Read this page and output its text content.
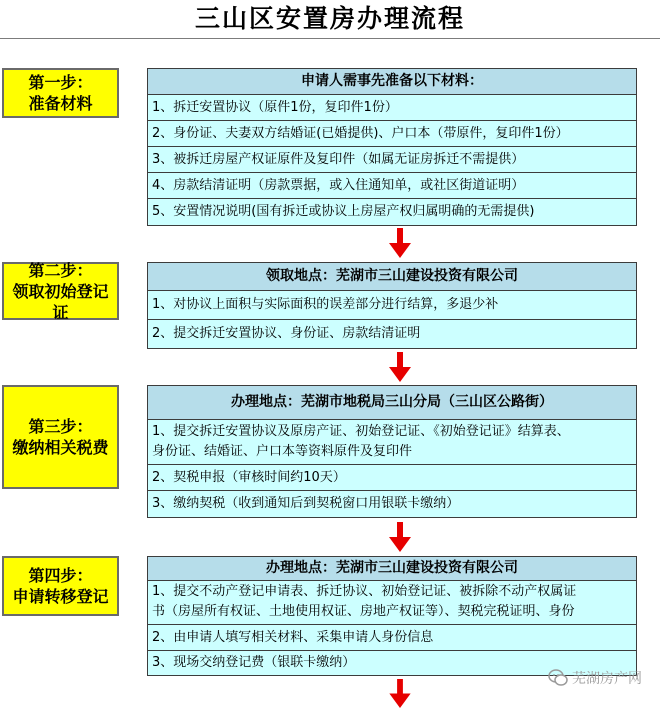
三山区安置房办理流程
第一步：
准备材料
申请人需事先准备以下材料：
1、拆迁安置协议（原件1份，复印件1份）
2、身份证、夫妻双方结婚证(已婚提供)、户口本（带原件，复印件1份）
3、被拆迁房屋产权证原件及复印件（如属无证房拆迁不需提供）
4、房款结清证明（房款票据，或入住通知单，或社区街道证明）
5、安置情况说明(国有拆迁或协议上房屋产权归属明确的无需提供)
第二步：
领取初始登记
证
领取地点：芜湖市三山建设投资有限公司
1、对协议上面积与实际面积的误差部分进行结算，多退少补
2、提交拆迁安置协议、身份证、房款结清证明
第三步：
缴纳相关税费
办理地点：芜湖市地税局三山分局（三山区公路街）
1、提交拆迁安置协议及原房产证、初始登记证、《初始登记证》结算表、
身份证、结婚证、户口本等资料原件及复印件
2、契税申报（审核时间约10天）
3、缴纳契税（收到通知后到契税窗口用银联卡缴纳）
第四步：
申请转移登记
办理地点：芜湖市三山建设投资有限公司
1、提交不动产登记申请表、拆迁协议、初始登记证、被拆除不动产权属证
书（房屋所有权证、土地使用权证、房地产权证等）、契税完税证明、身份
2、由申请人填写相关材料、采集申请人身份信息
3、现场交纳登记费（银联卡缴纳）
芜湖房产网
